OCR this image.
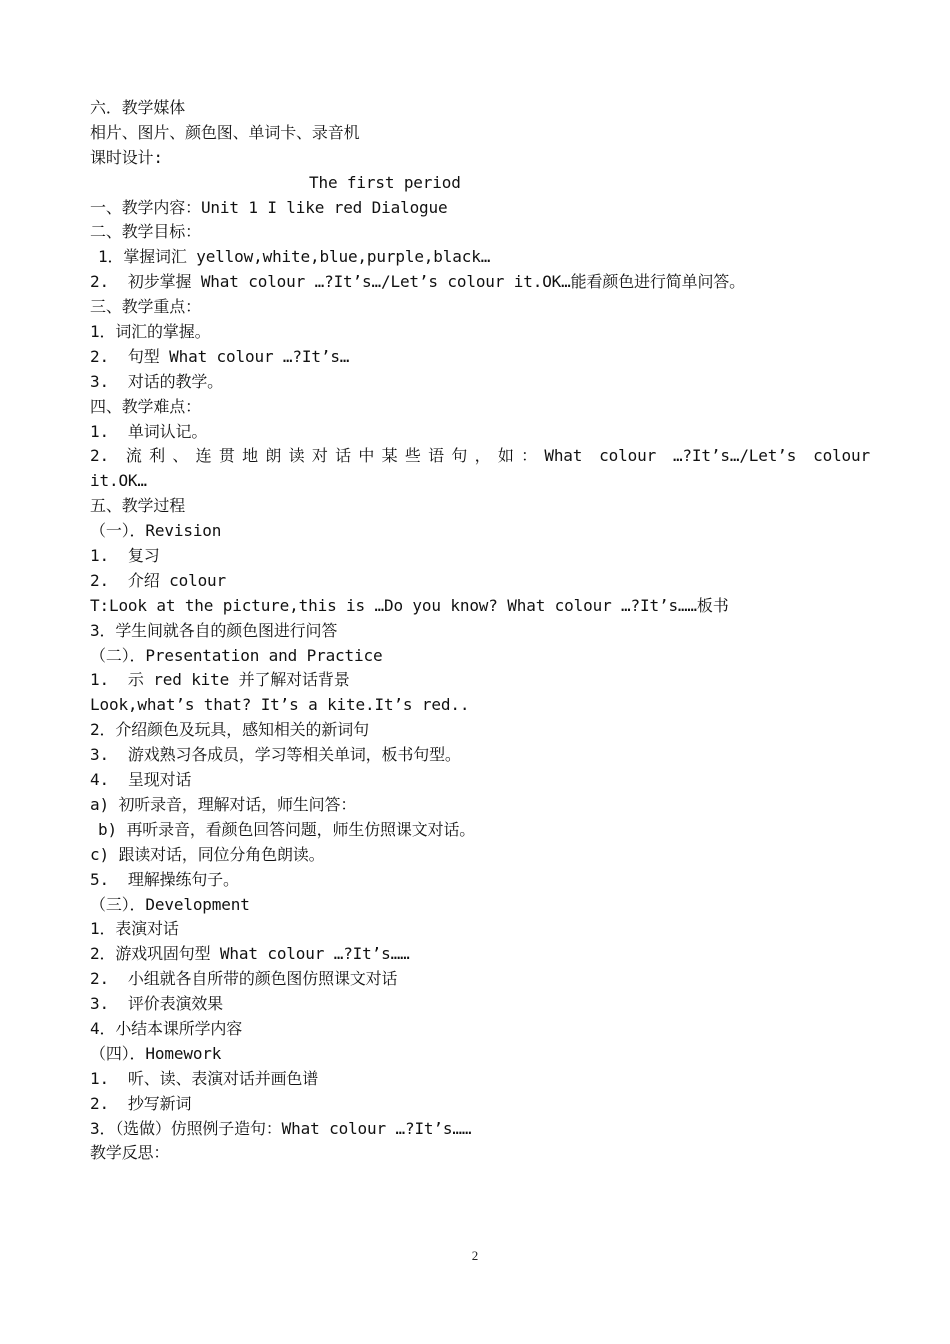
六．教学媒体
相片、图片、颜色图、单词卡、录音机
课时设计:
The first period
一、教学内容：Unit 1 I like red Dialogue
二、教学目标：
1．掌握词汇 yellow,white,blue,purple,black…
2.  初步掌握 What colour …?It’s…/Let’s colour it.OK…能看颜色进行简单问答。
三、教学重点：
1．词汇的掌握。
2.  句型 What colour …?It’s…
3.  对话的教学。
四、教学难点：
1.  单词认记。
2. 流利、连贯地朗读对话中某些语句，如：What colour …?It’s…/Let’s colour
it.OK…
五、教学过程
（一）．Revision
1.  复习
2.  介绍 colour
T:Look at the picture,this is …Do you know? What colour …?It’s……板书
3．学生间就各自的颜色图进行问答
（二）．Presentation and Practice
1.  示 red kite 并了解对话背景
Look,what’s that? It’s a kite.It’s red..
2．介绍颜色及玩具，感知相关的新词句
3.  游戏熟习各成员，学习等相关单词，板书句型。
4.  呈现对话
a) 初听录音，理解对话，师生问答：
b) 再听录音，看颜色回答问题，师生仿照课文对话。
c) 跟读对话，同位分角色朗读。
5.  理解操练句子。
（三）．Development
1．表演对话
2．游戏巩固句型 What colour …?It’s……
2.  小组就各自所带的颜色图仿照课文对话
3.  评价表演效果
4．小结本课所学内容
（四）．Homework
1.  听、读、表演对话并画色谱
2.  抄写新词
3．（选做）仿照例子造句：What colour …?It’s……
教学反思：
2
